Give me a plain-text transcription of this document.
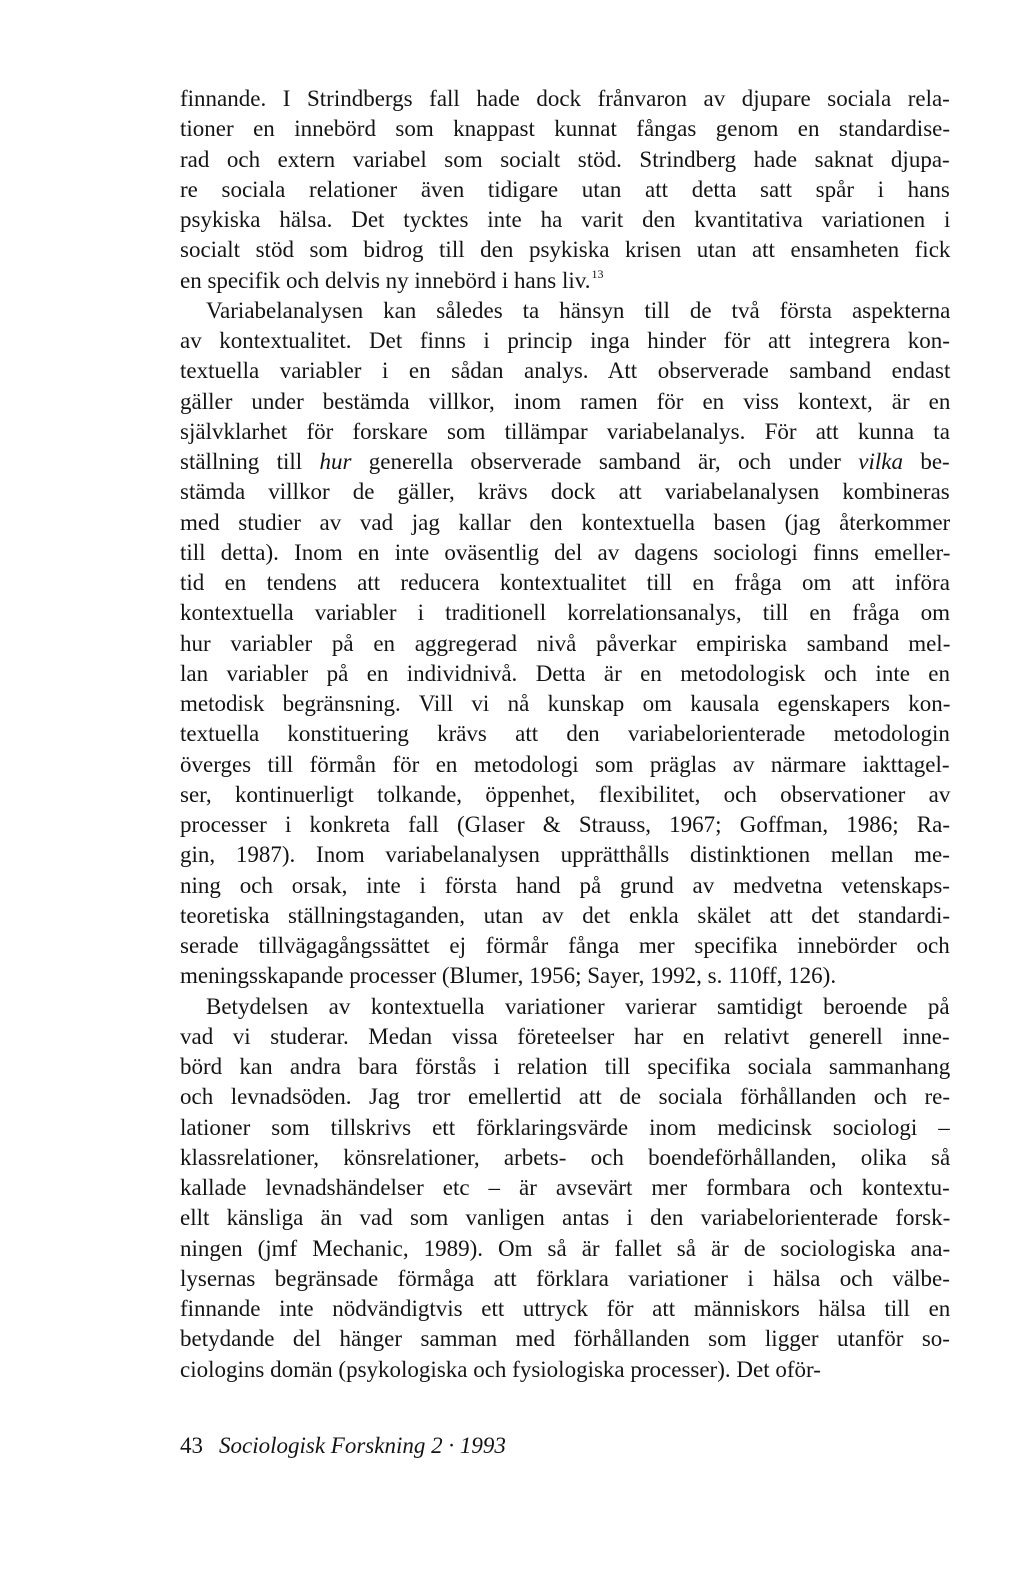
finnande. I Strindbergs fall hade dock frånvaron av djupare sociala rela-
tioner en innebörd som knappast kunnat fångas genom en standardise-
rad och extern variabel som socialt stöd. Strindberg hade saknat djupa-
re sociala relationer även tidigare utan att detta satt spår i hans
psykiska hälsa. Det tycktes inte ha varit den kvantitativa variationen i
socialt stöd som bidrog till den psykiska krisen utan att ensamheten fick
en specifik och delvis ny innebörd i hans liv.$^{13}$
Variabelanalysen kan således ta hänsyn till de två första aspekterna
av kontextualitet. Det finns i princip inga hinder för att integrera kon-
textuella variabler i en sådan analys. Att observerade samband endast
gäller under bestämda villkor, inom ramen för en viss kontext, är en
självklarhet för forskare som tillämpar variabelanalys. För att kunna ta
ställning till hur generella observerade samband är, och under vilka be-
stämda villkor de gäller, krävs dock att variabelanalysen kombineras
med studier av vad jag kallar den kontextuella basen (jag återkommer
till detta). Inom en inte oväsentlig del av dagens sociologi finns emeller-
tid en tendens att reducera kontextualitet till en fråga om att införa
kontextuella variabler i traditionell korrelationsanalys, till en fråga om
hur variabler på en aggregerad nivå påverkar empiriska samband mel-
lan variabler på en individnivå. Detta är en metodologisk och inte en
metodisk begränsning. Vill vi nå kunskap om kausala egenskapers kon-
textuella konstituering krävs att den variabelorienterade metodologin
överges till förmån för en metodologi som präglas av närmare iakttagel-
ser, kontinuerligt tolkande, öppenhet, flexibilitet, och observationer av
processer i konkreta fall (Glaser & Strauss, 1967; Goffman, 1986; Ra-
gin, 1987). Inom variabelanalysen upprätthålls distinktionen mellan me-
ning och orsak, inte i första hand på grund av medvetna vetenskaps-
teoretiska ställningstaganden, utan av det enkla skälet att det standardi-
serade tillvägagångssättet ej förmår fånga mer specifika innebörder och
meningsskapande processer (Blumer, 1956; Sayer, 1992, s. 110ff, 126).
Betydelsen av kontextuella variationer varierar samtidigt beroende på
vad vi studerar. Medan vissa företeelser har en relativt generell inne-
börd kan andra bara förstås i relation till specifika sociala sammanhang
och levnadsöden. Jag tror emellertid att de sociala förhållanden och re-
lationer som tillskrivs ett förklaringsvärde inom medicinsk sociologi –
klassrelationer, könsrelationer, arbets- och boendeförhållanden, olika så
kallade levnadshändelser etc – är avsevärt mer formbara och kontextu-
ellt känsliga än vad som vanligen antas i den variabelorienterade forsk-
ningen (jmf Mechanic, 1989). Om så är fallet så är de sociologiska ana-
lysernas begränsade förmåga att förklara variationer i hälsa och välbe-
finnande inte nödvändigtvis ett uttryck för att människors hälsa till en
betydande del hänger samman med förhållanden som ligger utanför so-
ciologins domän (psykologiska och fysiologiska processer). Det oför-
43 Sociologisk Forskning 2 · 1993
